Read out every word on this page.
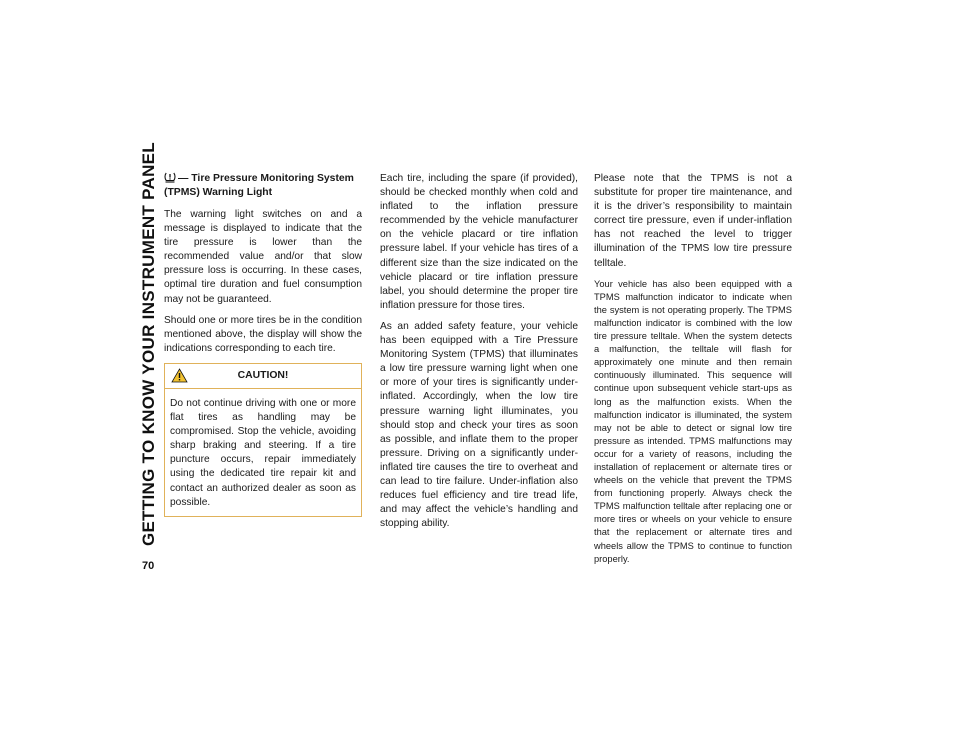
GETTING TO KNOW YOUR INSTRUMENT PANEL
70
— Tire Pressure Monitoring System (TPMS) Warning Light

The warning light switches on and a message is displayed to indicate that the tire pressure is lower than the recommended value and/or that slow pressure loss is occurring. In these cases, optimal tire duration and fuel consumption may not be guaranteed.

Should one or more tires be in the condition mentioned above, the display will show the indications corresponding to each tire.

CAUTION!
Do not continue driving with one or more flat tires as handling may be compromised. Stop the vehicle, avoiding sharp braking and steering. If a tire puncture occurs, repair immediately using the dedicated tire repair kit and contact an authorized dealer as soon as possible.

Each tire, including the spare (if provided), should be checked monthly when cold and inflated to the inflation pressure recommended by the vehicle manufacturer on the vehicle placard or tire inflation pressure label. If your vehicle has tires of a different size than the size indicated on the vehicle placard or tire inflation pressure label, you should determine the proper tire inflation pressure for those tires.

As an added safety feature, your vehicle has been equipped with a Tire Pressure Monitoring System (TPMS) that illuminates a low tire pressure warning light when one or more of your tires is significantly under-inflated. Accordingly, when the low tire pressure warning light illuminates, you should stop and check your tires as soon as possible, and inflate them to the proper pressure. Driving on a significantly under-inflated tire causes the tire to overheat and can lead to tire failure. Under-inflation also reduces fuel efficiency and tire tread life, and may affect the vehicle’s handling and stopping ability.

Please note that the TPMS is not a substitute for proper tire maintenance, and it is the driver’s responsibility to maintain correct tire pressure, even if under-inflation has not reached the level to trigger illumination of the TPMS low tire pressure telltale.

Your vehicle has also been equipped with a TPMS malfunction indicator to indicate when the system is not operating properly. The TPMS malfunction indicator is combined with the low tire pressure telltale. When the system detects a malfunction, the telltale will flash for approximately one minute and then remain continuously illuminated. This sequence will continue upon subsequent vehicle start-ups as long as the malfunction exists. When the malfunction indicator is illuminated, the system may not be able to detect or signal low tire pressure as intended. TPMS malfunctions may occur for a variety of reasons, including the installation of replacement or alternate tires or wheels on the vehicle that prevent the TPMS from functioning properly. Always check the TPMS malfunction telltale after replacing one or more tires or wheels on your vehicle to ensure that the replacement or alternate tires and wheels allow the TPMS to continue to function properly.
